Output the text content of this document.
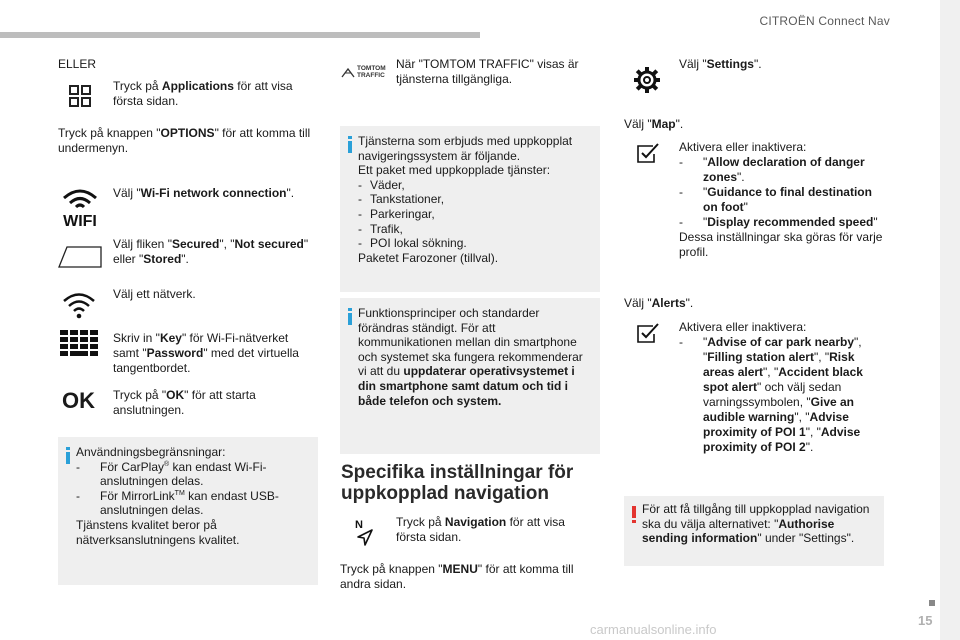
CITROËN Connect Nav
15
carmanualsonline.info
ELLER
Tryck på Applications för att visa första sidan.
Tryck på knappen "OPTIONS" för att komma till undermenyn.
WIFI
Välj "Wi-Fi network connection".
Välj fliken "Secured", "Not secured" eller "Stored".
Välj ett nätverk.
Skriv in "Key" för Wi-Fi-nätverket samt "Password" med det virtuella tangentbordet.
OK Tryck på "OK" för att starta anslutningen.
Användningsbegränsningar:
- För CarPlay® kan endast Wi-Fi-anslutningen delas.
- För MirrorLink™ kan endast USB-anslutningen delas.
Tjänstens kvalitet beror på nätverksanslutningens kvalitet.
TOMTOM
TRAFFIC
När "TOMTOM TRAFFIC" visas är tjänsterna tillgängliga.
Tjänsterna som erbjuds med uppkopplat navigeringssystem är följande.
Ett paket med uppkopplade tjänster:
- Väder,
- Tankstationer,
- Parkeringar,
- Trafik,
- POI lokal sökning.
Paketet Farozoner (tillval).
Funktionsprinciper och standarder förändras ständigt. För att kommunikationen mellan din smartphone och systemet ska fungera rekommenderar vi att du uppdaterar operativsystemet i din smartphone samt datum och tid i både telefon och system.
Specifika inställningar för
uppkopplad navigation
N	Tryck på Navigation för att visa första sidan.
Tryck på knappen "MENU" för att komma till andra sidan.
Välj "Settings".
Välj "Map".
Aktivera eller inaktivera:
- "Allow declaration of danger zones".
- "Guidance to final destination on foot"
- "Display recommended speed"
Dessa inställningar ska göras för varje profil.
Välj "Alerts".
Aktivera eller inaktivera:
- "Advise of car park nearby", "Filling station alert", "Risk areas alert", "Accident black spot alert" och välj sedan varningssymbolen, "Give an audible warning", "Advise proximity of POI 1", "Advise proximity of POI 2".
För att få tillgång till uppkopplad navigation ska du välja alternativet: "Authorise sending information" under "Settings".
